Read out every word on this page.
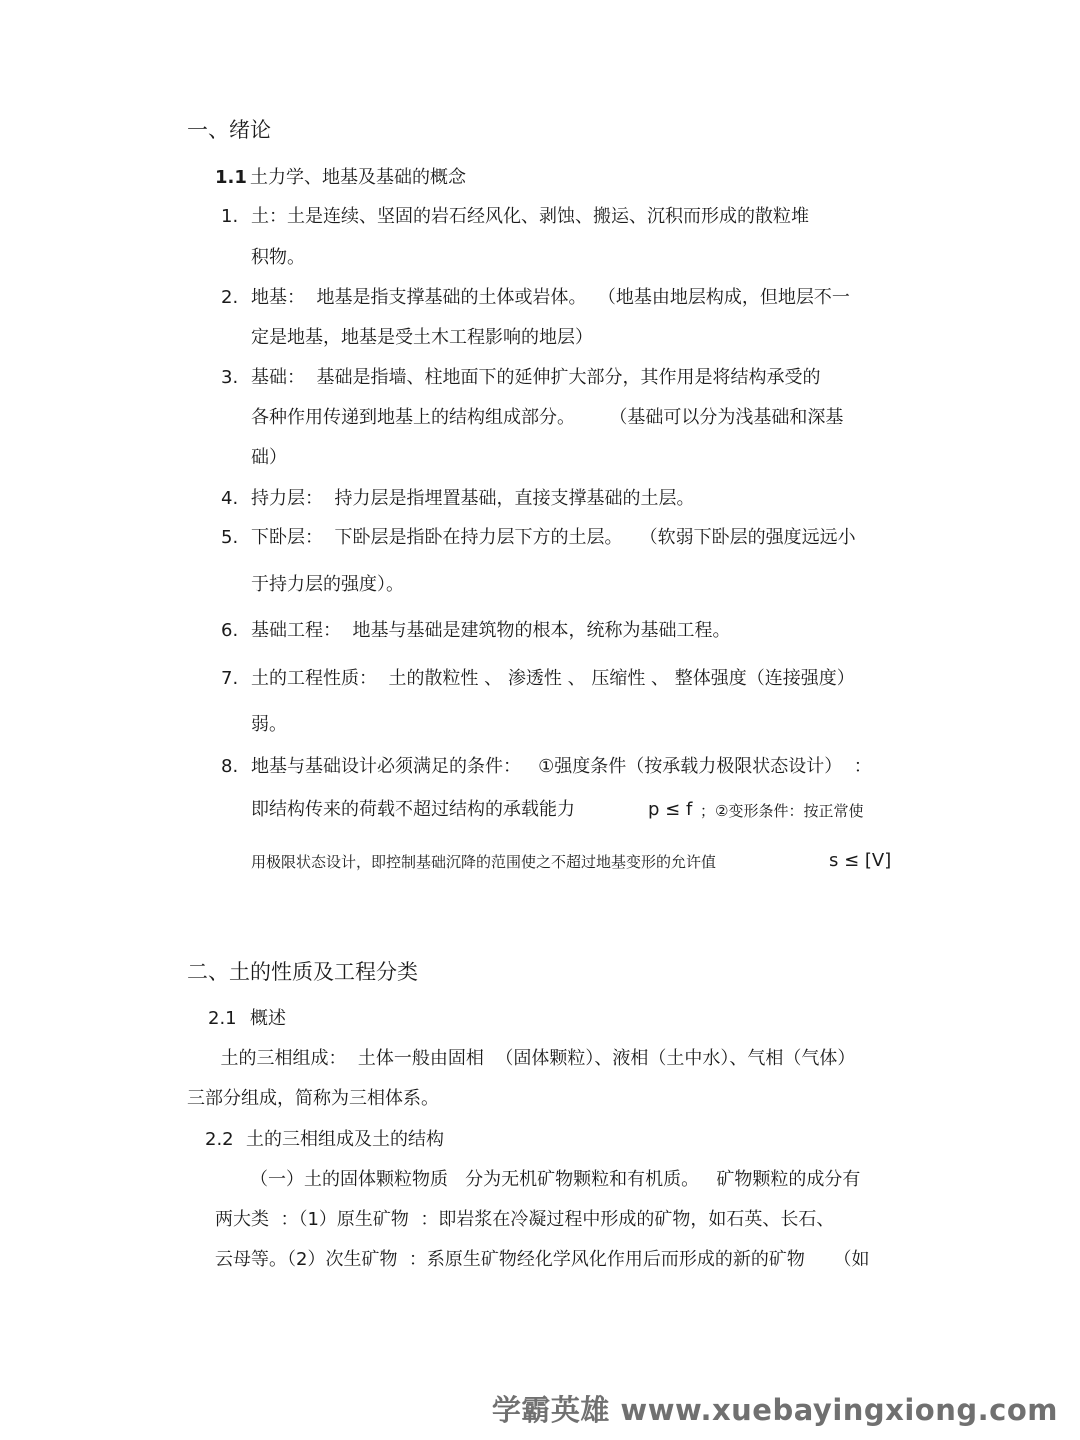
一、绪论
1.1 土力学、地基及基础的概念
1. 土：土是连续、坚固的岩石经风化、剥蚀、搬运、沉积而形成的散粒堆
积物。
2. 地基：  地基是指支撑基础的土体或岩体。  （地基由地层构成，但地层不一
定是地基，地基是受土木工程影响的地层）
3. 基础：  基础是指墙、柱地面下的延伸扩大部分，其作用是将结构承受的
各种作用传递到地基上的结构组成部分。      （基础可以分为浅基础和深基
础）
4. 持力层：  持力层是指埋置基础，直接支撑基础的土层。
5. 下卧层：  下卧层是指卧在持力层下方的土层。   （软弱下卧层的强度远远小
于持力层的强度）。
6. 基础工程：  地基与基础是建筑物的根本，统称为基础工程。
7. 土的工程性质：  土的散粒性 、 渗透性 、 压缩性 、 整体强度（连接强度）
弱。
8. 地基与基础设计必须满足的条件：   ①强度条件（按承载力极限状态设计）  ：
即结构传来的荷载不超过结构的承载能力	p ≤ f ；②变形条件：按正常使
用极限状态设计，即控制基础沉降的范围使之不超过地基变形的允许值	s ≤ [V]
二、土的性质及工程分类
2.1 概述
土的三相组成：  土体一般由固相  （固体颗粒）、液相（土中水）、气相（气体）
三部分组成，简称为三相体系。
2.2 土的三相组成及土的结构
（一）土的固体颗粒物质   分为无机矿物颗粒和有机质。   矿物颗粒的成分有
两大类  ：（1）原生矿物  ：即岩浆在冷凝过程中形成的矿物，如石英、长石、
云母等。（2）次生矿物  ：系原生矿物经化学风化作用后而形成的新的矿物     （如
学霸英雄 www.xuebayingxiong.com
